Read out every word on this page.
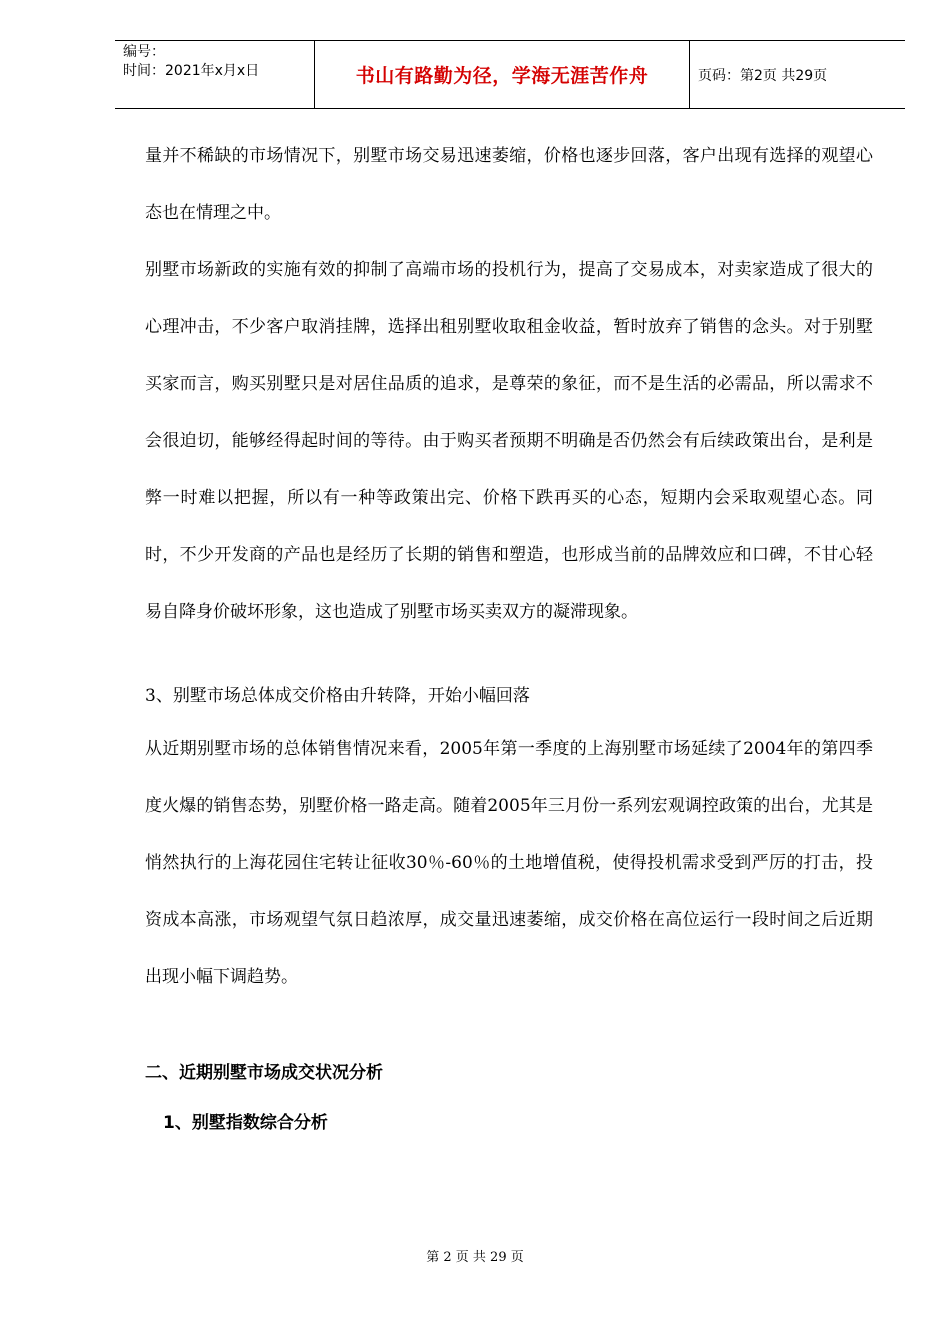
编号：
时间：2021年x月x日	书山有路勤为径，学海无涯苦作舟	页码：第2页 共29页

量并不稀缺的市场情况下，别墅市场交易迅速萎缩，价格也逐步回落，客户出现有选择的观望心态也在情理之中。

别墅市场新政的实施有效的抑制了高端市场的投机行为，提高了交易成本，对卖家造成了很大的心理冲击，不少客户取消挂牌，选择出租别墅收取租金收益，暂时放弃了销售的念头。对于别墅买家而言，购买别墅只是对居住品质的追求，是尊荣的象征，而不是生活的必需品，所以需求不会很迫切，能够经得起时间的等待。由于购买者预期不明确是否仍然会有后续政策出台，是利是弊一时难以把握，所以有一种等政策出完、价格下跌再买的心态，短期内会采取观望心态。同时，不少开发商的产品也是经历了长期的销售和塑造，也形成当前的品牌效应和口碑，不甘心轻易自降身价破坏形象，这也造成了别墅市场买卖双方的凝滞现象。

3、别墅市场总体成交价格由升转降，开始小幅回落

从近期别墅市场的总体销售情况来看，2005年第一季度的上海别墅市场延续了2004年的第四季度火爆的销售态势，别墅价格一路走高。随着2005年三月份一系列宏观调控政策的出台，尤其是悄然执行的上海花园住宅转让征收30％-60％的土地增值税，使得投机需求受到严厉的打击，投资成本高涨，市场观望气氛日趋浓厚，成交量迅速萎缩，成交价格在高位运行一段时间之后近期出现小幅下调趋势。

二、近期别墅市场成交状况分析

1、别墅指数综合分析

第 2 页 共 29 页
